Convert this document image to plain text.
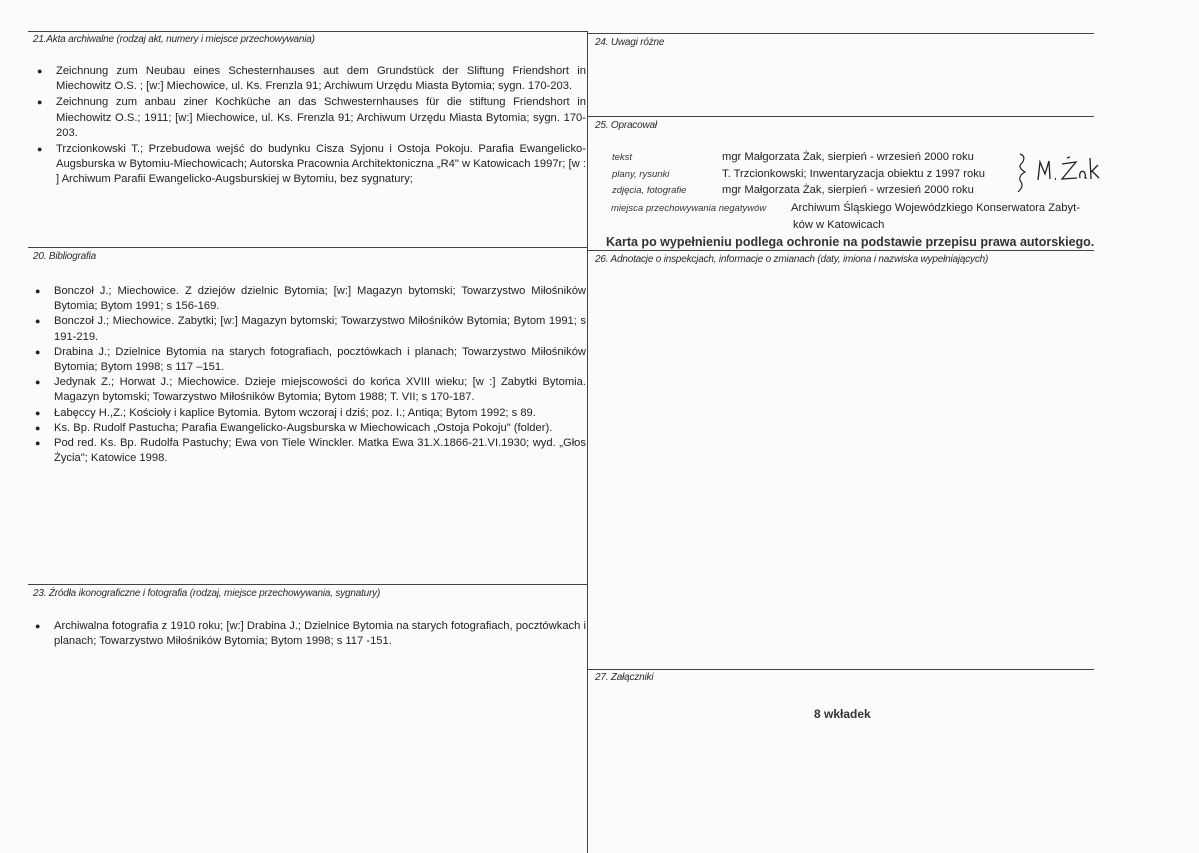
21.Akta archiwalne (rodzaj akt, numery i miejsce przechowywania)
● Zeichnung zum Neubau eines Schesternhauses aut dem Grundstück der Sliftung Friendshort in Miechowitz O.S. ; [w:] Miechowice, ul. Ks. Frenzla 91; Archiwum Urzędu Miasta Bytomia; sygn. 170-203.
● Zeichnung zum anbau ziner Kochküche an das Schwesternhauses für die stiftung Friendshort in Miechowitz O.S.; 1911; [w:] Miechowice, ul. Ks. Frenzla 91; Archiwum Urzędu Miasta Bytomia; sygn. 170-203.
● Trzcionkowski T.; Przebudowa wejść do budynku Cisza Syjonu i Ostoja Pokoju. Parafia Ewangelicko-Augsburska w Bytomiu-Miechowicach; Autorska Pracownia Architektoniczna „R4" w Katowicach 1997r; [w : ] Archiwum Parafii Ewangelicko-Augsburskiej w Bytomiu, bez sygnatury;
20. Bibliografia
● Bonczoł J.; Miechowice. Z dziejów dzielnic Bytomia; [w:] Magazyn bytomski; Towarzystwo Miłośników Bytomia; Bytom 1991; s 156-169.
● Bonczoł J.; Miechowice. Zabytki; [w:] Magazyn bytomski; Towarzystwo Miłośników Bytomia; Bytom 1991; s 191-219.
● Drabina J.; Dzielnice Bytomia na starych fotografiach, pocztówkach i planach; Towarzystwo Miłośników Bytomia; Bytom 1998; s 117 –151.
● Jedynak Z.; Horwat J.; Miechowice. Dzieje miejscowości do końca XVIII wieku; [w :] Zabytki Bytomia. Magazyn bytomski; Towarzystwo Miłośników Bytomia; Bytom 1988; T. VII; s 170-187.
● Łabęccy H.,Z.; Kościoły i kaplice Bytomia. Bytom wczoraj i dziś; poz. I.; Antiqa; Bytom 1992; s 89.
● Ks. Bp. Rudolf Pastucha; Parafia Ewangelicko-Augsburska w Miechowicach „Ostoja Pokoju" (folder).
● Pod red. Ks. Bp. Rudolfa Pastuchy; Ewa von Tiele Winckler. Matka Ewa 31.X.1866-21.VI.1930; wyd. „Głos Życia"; Katowice 1998.
23. Źródła ikonograficzne i fotografia (rodzaj, miejsce przechowywania, sygnatury)
● Archiwalna fotografia z 1910 roku; [w:] Drabina J.; Dzielnice Bytomia na starych fotografiach, pocztówkach i planach; Towarzystwo Miłośników Bytomia; Bytom 1998; s 117 -151.
24. Uwagi różne
25. Opracował
tekst	mgr Małgorzata Żak, sierpień - wrzesień 2000 roku
plany, rysunki	T. Trzcionkowski; Inwentaryzacja obiektu z 1997 roku
zdjęcia, fotografie	mgr Małgorzata Żak, sierpień - wrzesień 2000 roku
miejsca przechowywania negatywów Archiwum Śląskiego Wojewódzkiego Konserwatora Zabyt-
ków w Katowicach
Karta po wypełnieniu podlega ochronie na podstawie przepisu prawa autorskiego.
26. Adnotacje o inspekcjach, informacje o zmianach (daty, imiona i nazwiska wypełniających)
27. Załączniki
8 wkładek
